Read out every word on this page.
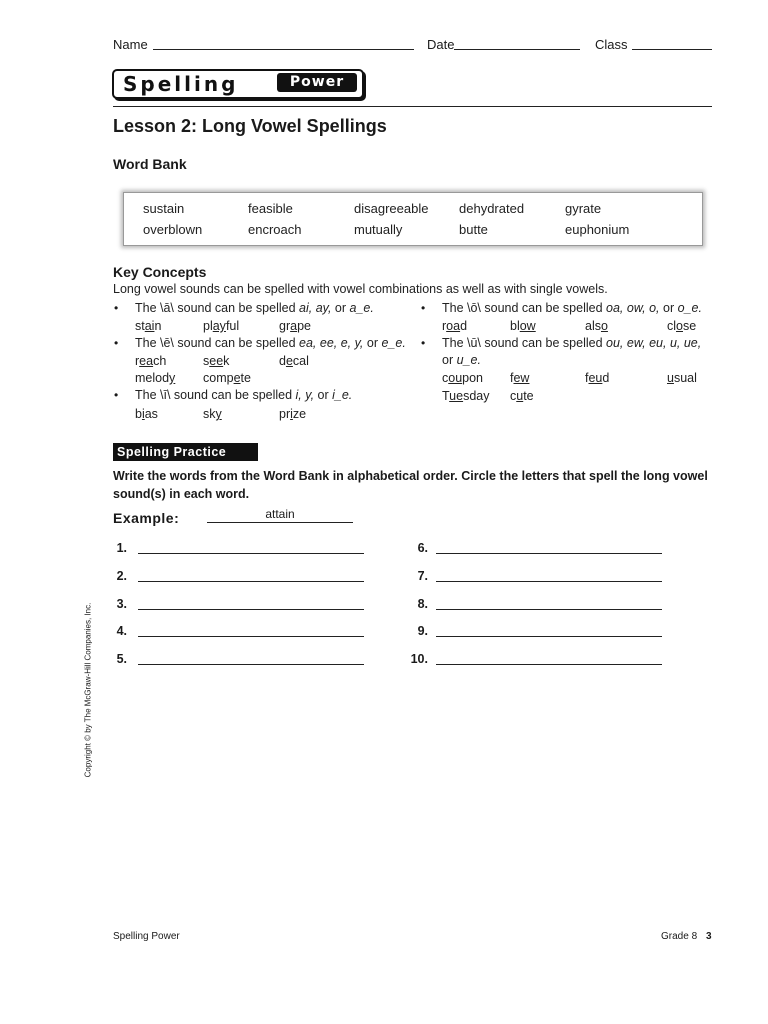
Name	Date	Class
Spelling	Power
Lesson 2: Long Vowel Spellings
Word Bank
sustain	feasible	disagreeable dehydrated	gyrate
overblown	encroach	mutually	butte	euphonium
Key Concepts
Long vowel sounds can be spelled with vowel combinations as well as with single vowels.
• The \ā\ sound can be spelled ai, ay, or a_e.
stain	playful	grape
• The \ē\ sound can be spelled ea, ee, e, y, or e_e.
reach	seek	decal
melody compete
• The \ī\ sound can be spelled i, y, or i_e.
bias	sky	prize
• The \ō\ sound can be spelled oa, ow, o, or o_e.
road	blow	also	close
• The \ū\ sound can be spelled ou, ew, eu, u, ue,
or u_e.
coupon few	feud	usual
Tuesday cute
Spelling Practice
Write the words from the Word Bank in alphabetical order. Circle the letters that spell the long vowel sound(s) in each word.
Example:	attain
1.
2.
3.
4.
5.
6.
7.
8.
9.
10.
Copyright © by The McGraw-Hill Companies, Inc.
Spelling Power	Grade 8 3
